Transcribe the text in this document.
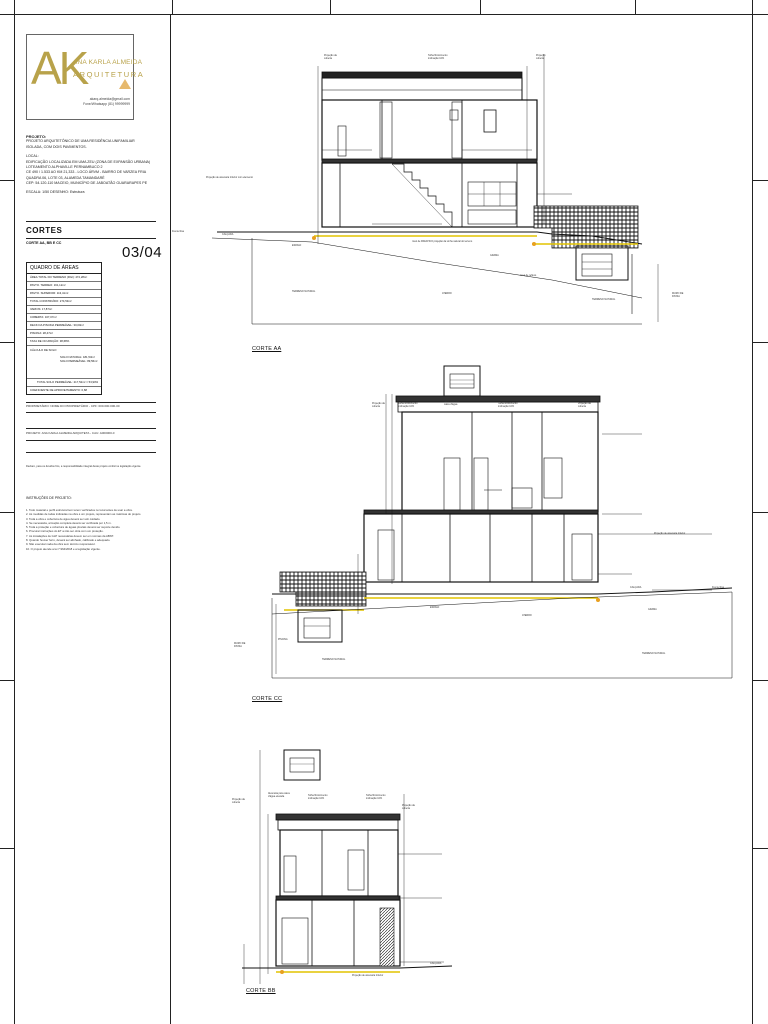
AK
ANA KARLA ALMEIDA
ARQUITETURA
akarq.almeida@gmail.com
Fone/Whatsapp (81) 99999999
PROJETO:
PROJETO ARQUITETÔNICO DE UMA RESIDÊNCIA UNIFAMILIAR
ISOLADA, COM DOIS PAVIMENTOS.
LOCAL:
EDIFICAÇÃO LOCALIZADA EM UMA ZEU (ZONA DE EXPANSÃO URBANA)
LOTEAMENTO ALPHAVILLE PERNAMBUCO 2
CE 490 / 1.533 AO KM 21,333 - LOCO ÁRVM - BAIRRO DE VARZEA FRIA
QUADRA 06, LOTE 03, ALAMEDA TAMANDARÉ
CEP: 54.120-110 MACEIO, MUNICÍPIO DE JABOATÃO GUARARAPES PE
ESCALA: 1/50 DESENHO: Estrutura
CORTES
CORTE AA, BB E CC
03/04
QUADRO DE ÁREAS
ÁREA TOTAL DO TERRENO (RGI): 472,28m²
PAVTO. TERREO: 161,12m²
PAVTO. SUPERIOR: 113,41m²
TOTAL CONSTRUÍDO: 274,53m²
VARIOS: 17,87m²
COBERTA: 167,07m²
DECK DA PISCINA PERMEÁVEL: 30,00m²
PISCINA: 28,47m²
TAXA DE OCUPAÇÃO: 38,68%
CÁLCULO DE SOLO
SOLO NATURAL: 181,53m²
SOLO PERMEÁVEL: 89,56m²
TOTAL SOLO PERMEÁVEL: 217,52m² = 53,90%
COEFICIENTE DE APROVEITAMENTO: 0,68
PROPRIETÁRIO: NOME DO PROPRIETÁRIO - CPF: 000.000.000-00
PROJETO: ANA KARLA ALMEIDA ARQUITETA - CAU: A000000-0
Declaro, para os devidos fins, a responsabilidade integral deste projeto conforme legislação vigente.
INSTRUÇÕES DE PROJETO:
1. Todo material e perfil estrutural tem terem verificados no local antes de usar a obra.
2. As medidas de todas indicadas na obra é um projeto, representam as máximas do projeto
3. Toda a obra e cobertura de água deverá ser sob cuidado.
4. Se necessária, armação completa deverá ser verificada por 1,5 m.
5. Toda a proteção e cobertura de águas pluviais deverá ser suporte devido.
6. Procurar instruções do ET a não ser obra com um proteção.
7. As instalações de GLP necessárias devem ser em normas da ABNT.
8. Quando houver ferro, deverá ser alinhado, calibrado e adequado.
9. Não executar nada da obra sem técnico responsável.
10. O projeto atende a lei 7.964/2018 e a legislação vigente.
CORTE AA
CORTE CC
CORTE BB
Projeção da
coberta
Telha fibrocimento
inclinação 10%
Projeção
coberta
Projeção de alvenaria Inferior com elemento
CALÇADA
Frente Rua
ESPALD
nível de FREATICO projeção da Linha natural do terreno
GRAMA
Area de reflexo
TERRENO NATURAL
ATERRO
TERRENO NATURAL
MURO DE
DIVISA
Projeção da
coberta
Telha fibrocimento
inclinação 10%
Alvenaria para
caixa d'água	Telha fibrocimento
inclinação 10%
Projeção da
coberta
Projeção de alvenaria Inferior
CALÇADA	Frente Rua
ESPALD
ATERRO
GRAMA
PISCINA
TERRENO NATURAL
TERRENO NATURAL
MURO DE
DIVISA
Alvenaria para caixa
d'água elevada	Telha fibrocimento
inclinação 10%
Telha fibrocimento
inclinação 10%
Projeção da
coberta
Projeção da
coberta
Projeção de alvenaria Inferior
CALÇADA
